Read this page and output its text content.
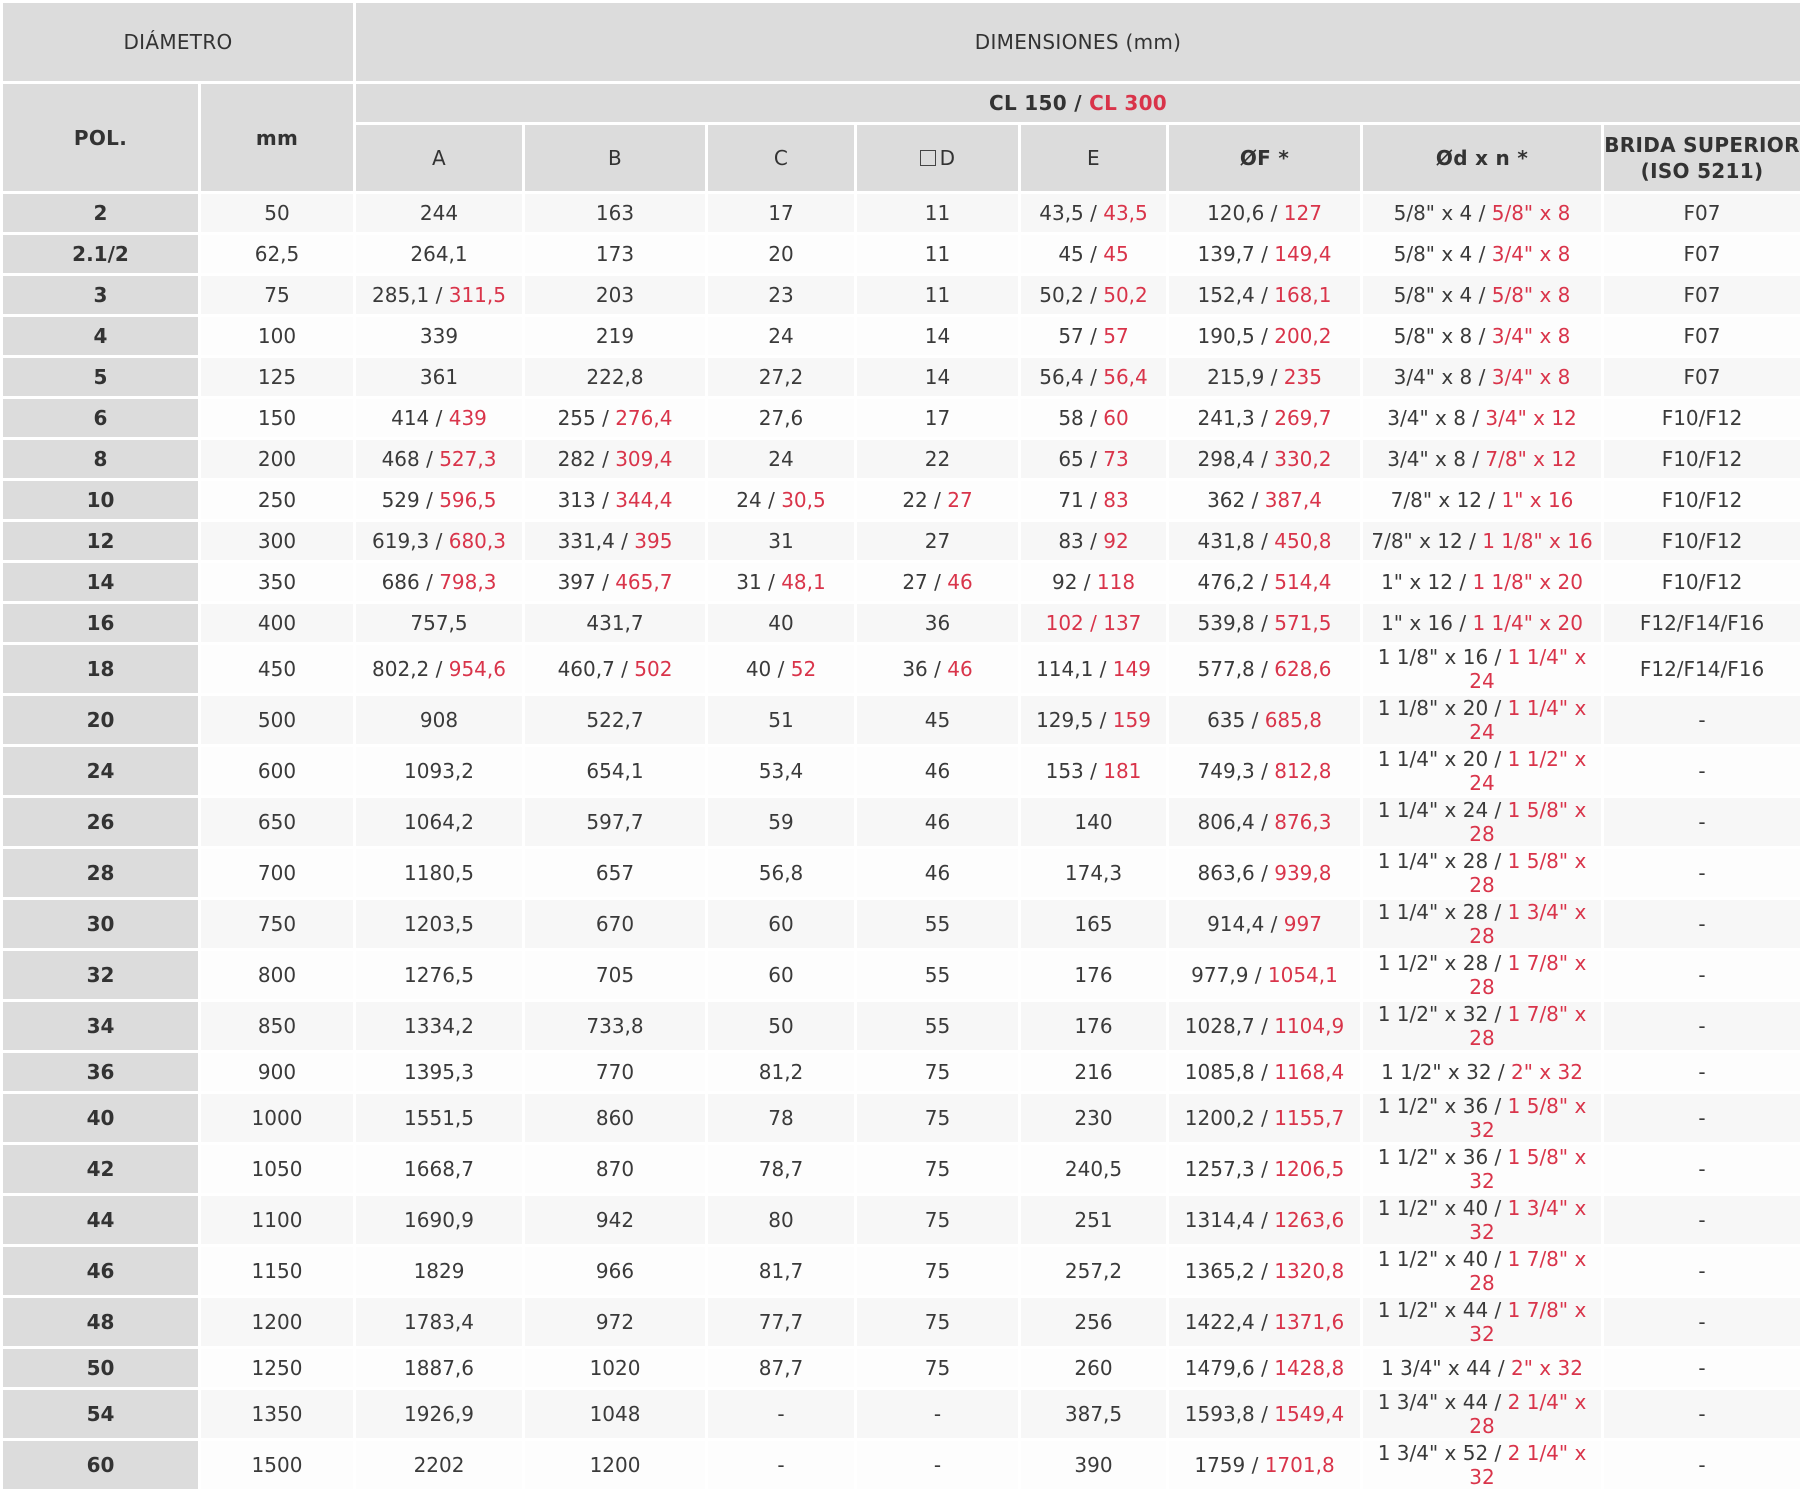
DIÁMETRO		DIMENSIONES (mm)							
POL.	mm	CL 150 / CL 300							
		A	B	C	D	E	ØF *	Ød x n *	BRIDA SUPERIOR
(ISO 5211)
2	50	244	163	17	11	43,5 / 43,5	120,6 / 127	5/8" x 4 / 5/8" x 8	F07
2.1/2	62,5	264,1	173	20	11	45 / 45	139,7 / 149,4	5/8" x 4 / 3/4" x 8	F07
3	75	285,1 / 311,5	203	23	11	50,2 / 50,2	152,4 / 168,1	5/8" x 4 / 5/8" x 8	F07
4	100	339	219	24	14	57 / 57	190,5 / 200,2	5/8" x 8 / 3/4" x 8	F07
5	125	361	222,8	27,2	14	56,4 / 56,4	215,9 / 235	3/4" x 8 / 3/4" x 8	F07
6	150	414 / 439	255 / 276,4	27,6	17	58 / 60	241,3 / 269,7	3/4" x 8 / 3/4" x 12	F10/F12
8	200	468 / 527,3	282 / 309,4	24	22	65 / 73	298,4 / 330,2	3/4" x 8 / 7/8" x 12	F10/F12
10	250	529 / 596,5	313 / 344,4	24 / 30,5	22 / 27	71 / 83	362 / 387,4	7/8" x 12 / 1" x 16	F10/F12
12	300	619,3 / 680,3	331,4 / 395	31	27	83 / 92	431,8 / 450,8	7/8" x 12 / 1 1/8" x 16	F10/F12
14	350	686 / 798,3	397 / 465,7	31 / 48,1	27 / 46	92 / 118	476,2 / 514,4	1" x 12 / 1 1/8" x 20	F10/F12
16	400	757,5	431,7	40	36	102 / 137	539,8 / 571,5	1" x 16 / 1 1/4" x 20	F12/F14/F16
18	450	802,2 / 954,6	460,7 / 502	40 / 52	36 / 46	114,1 / 149	577,8 / 628,6	1 1/8" x 16 / 1 1/4" x 24	F12/F14/F16
20	500	908	522,7	51	45	129,5 / 159	635 / 685,8	1 1/8" x 20 / 1 1/4" x 24	-
24	600	1093,2	654,1	53,4	46	153 / 181	749,3 / 812,8	1 1/4" x 20 / 1 1/2" x 24	-
26	650	1064,2	597,7	59	46	140	806,4 / 876,3	1 1/4" x 24 / 1 5/8" x 28	-
28	700	1180,5	657	56,8	46	174,3	863,6 / 939,8	1 1/4" x 28 / 1 5/8" x 28	-
30	750	1203,5	670	60	55	165	914,4 / 997	1 1/4" x 28 / 1 3/4" x 28	-
32	800	1276,5	705	60	55	176	977,9 / 1054,1	1 1/2" x 28 / 1 7/8" x 28	-
34	850	1334,2	733,8	50	55	176	1028,7 / 1104,9	1 1/2" x 32 / 1 7/8" x 28	-
36	900	1395,3	770	81,2	75	216	1085,8 / 1168,4	1 1/2" x 32 / 2" x 32	-
40	1000	1551,5	860	78	75	230	1200,2 / 1155,7	1 1/2" x 36 / 1 5/8" x 32	-
42	1050	1668,7	870	78,7	75	240,5	1257,3 / 1206,5	1 1/2" x 36 / 1 5/8" x 32	-
44	1100	1690,9	942	80	75	251	1314,4 / 1263,6	1 1/2" x 40 / 1 3/4" x 32	-
46	1150	1829	966	81,7	75	257,2	1365,2 / 1320,8	1 1/2" x 40 / 1 7/8" x 28	-
48	1200	1783,4	972	77,7	75	256	1422,4 / 1371,6	1 1/2" x 44 / 1 7/8" x 32	-
50	1250	1887,6	1020	87,7	75	260	1479,6 / 1428,8	1 3/4" x 44 / 2" x 32	-
54	1350	1926,9	1048	-	-	387,5	1593,8 / 1549,4	1 3/4" x 44 / 2 1/4" x 28	-
60	1500	2202	1200	-	-	390	1759 / 1701,8	1 3/4" x 52 / 2 1/4" x 32	-
